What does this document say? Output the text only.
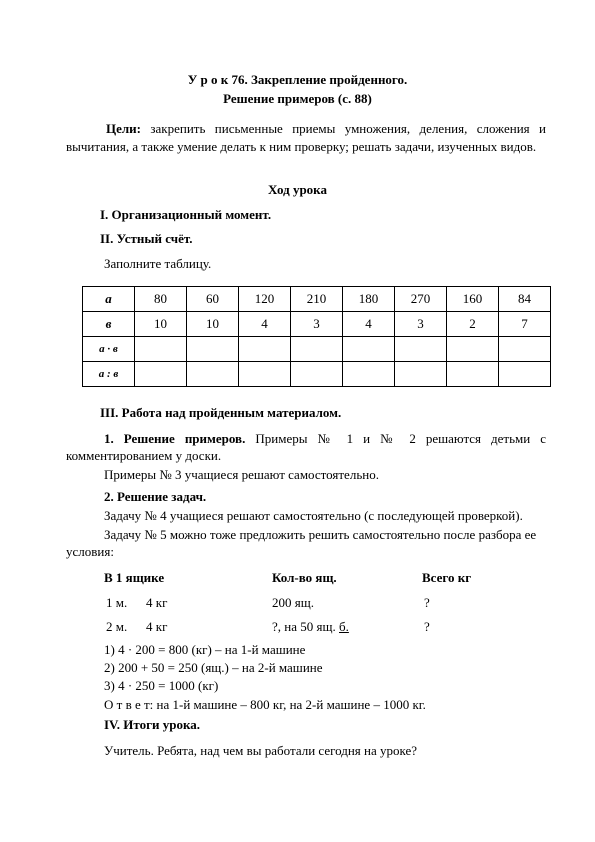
У р о к 76. Закрепление пройденного.
Решение примеров (с. 88)
Цели: закрепить письменные приемы умножения, деления, сложения и вычитания, а также умение делать к ним проверку; решать задачи, изученных видов.
Ход урока
I. Организационный момент.
II. Устный счёт.
Заполните таблицу.
а	80	60	120	210	180	270	160	84
в	10	10	4	3	4	3	2	7
а · в								
а : в								
III. Работа над пройденным материалом.
1. Решение примеров. Примеры № 1 и № 2 решаются детьми с комментированием у доски.
Примеры № 3 учащиеся решают самостоятельно.
2. Решение задач.
Задачу № 4 учащиеся решают самостоятельно (с последующей проверкой).
Задачу № 5 можно тоже предложить решить самостоятельно после разбора ее условия:
В 1 ящике	Кол-во ящ.	Всего кг
1 м. 4 кг	200 ящ.	?
2 м. 4 кг	?, на 50 ящ. б.	?
1) 4 · 200 = 800 (кг) – на 1-й машине
2) 200 + 50 = 250 (ящ.) – на 2-й машине
3) 4 · 250 = 1000 (кг)
О т в е т: на 1-й машине – 800 кг, на 2-й машине – 1000 кг.
IV. Итоги урока.
Учитель. Ребята, над чем вы работали сегодня на уроке?
